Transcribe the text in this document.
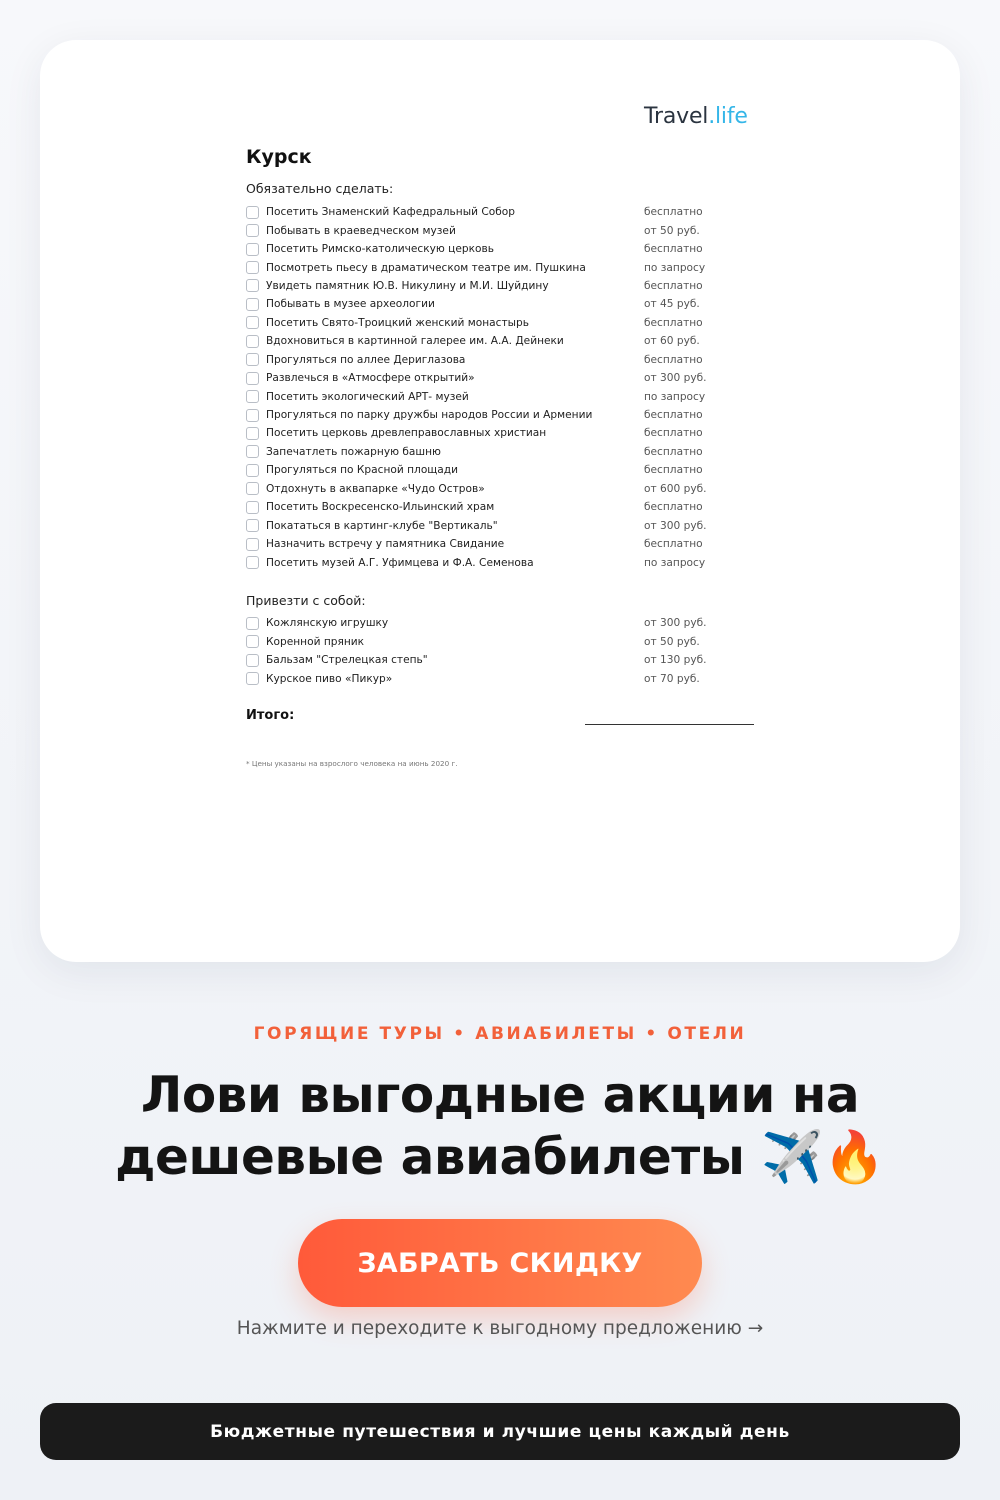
Travel.life
Курск
Обязательно сделать:
Посетить Знаменский Кафедральный Собор	бесплатно
Побывать в краеведческом музей	от 50 руб.
Посетить Римско-католическую церковь	бесплатно
Посмотреть пьесу в драматическом театре им. Пушкина	по запросу
Увидеть памятник Ю.В. Никулину и М.И. Шуйдину	бесплатно
Побывать в музее археологии	от 45 руб.
Посетить Свято-Троицкий женский монастырь	бесплатно
Вдохновиться в картинной галерее им. А.А. Дейнеки	от 60 руб.
Прогуляться по аллее Дериглазова	бесплатно
Развлечься в «Атмосфере открытий»	от 300 руб.
Посетить экологический АРТ- музей	по запросу
Прогуляться по парку дружбы народов России и Армении	бесплатно
Посетить церковь древлеправославных христиан	бесплатно
Запечатлеть пожарную башню	бесплатно
Прогуляться по Красной площади	бесплатно
Отдохнуть в аквапарке «Чудо Остров»	от 600 руб.
Посетить Воскресенско-Ильинский храм	бесплатно
Покататься в картинг-клубе "Вертикаль"	от 300 руб.
Назначить встречу у памятника Свидание	бесплатно
Посетить музей А.Г. Уфимцева и Ф.А. Семенова	по запросу
Привезти с собой:
Кожлянскую игрушку	от 300 руб.
Коренной пряник	от 50 руб.
Бальзам "Стрелецкая степь"	от 130 руб.
Курское пиво «Пикур»	от 70 руб.
Итого:
* Цены указаны на взрослого человека на июнь 2020 г.
ГОРЯЩИЕ ТУРЫ • АВИАБИЛЕТЫ • ОТЕЛИ
Лови выгодные акции на
дешевые авиабилеты ✈️🔥
ЗАБРАТЬ СКИДКУ
Нажмите и переходите к выгодному предложению →
Бюджетные путешествия и лучшие цены каждый день
